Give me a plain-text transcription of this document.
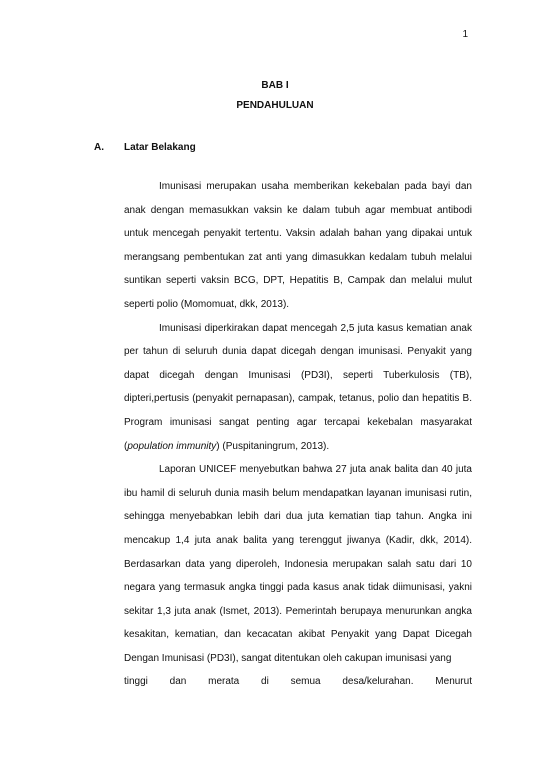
1
BAB I
PENDAHULUAN
A. Latar Belakang

Imunisasi merupakan usaha memberikan kekebalan pada bayi dan anak dengan memasukkan vaksin ke dalam tubuh agar membuat antibodi untuk mencegah penyakit tertentu. Vaksin adalah bahan yang dipakai untuk merangsang pembentukan zat anti yang dimasukkan kedalam tubuh melalui suntikan seperti vaksin BCG, DPT, Hepatitis B, Campak dan melalui mulut seperti polio (Momomuat, dkk, 2013).

Imunisasi diperkirakan dapat mencegah 2,5 juta kasus kematian anak per tahun di seluruh dunia dapat dicegah dengan imunisasi. Penyakit yang dapat dicegah dengan Imunisasi (PD3I), seperti Tuberkulosis (TB), dipteri,pertusis (penyakit pernapasan), campak, tetanus, polio dan hepatitis B. Program imunisasi sangat penting agar tercapai kekebalan masyarakat (population immunity) (Puspitaningrum, 2013).

Laporan UNICEF menyebutkan bahwa 27 juta anak balita dan 40 juta ibu hamil di seluruh dunia masih belum mendapatkan layanan imunisasi rutin, sehingga menyebabkan lebih dari dua juta kematian tiap tahun. Angka ini mencakup 1,4 juta anak balita yang terenggut jiwanya (Kadir, dkk, 2014). Berdasarkan data yang diperoleh, Indonesia merupakan salah satu dari 10 negara yang termasuk angka tinggi pada kasus anak tidak diimunisasi, yakni sekitar 1,3 juta anak (Ismet, 2013). Pemerintah berupaya menurunkan angka kesakitan, kematian, dan kecacatan akibat Penyakit yang Dapat Dicegah Dengan Imunisasi (PD3I), sangat ditentukan oleh cakupan imunisasi yang

tinggi dan merata di semua desa/kelurahan. Menurut
